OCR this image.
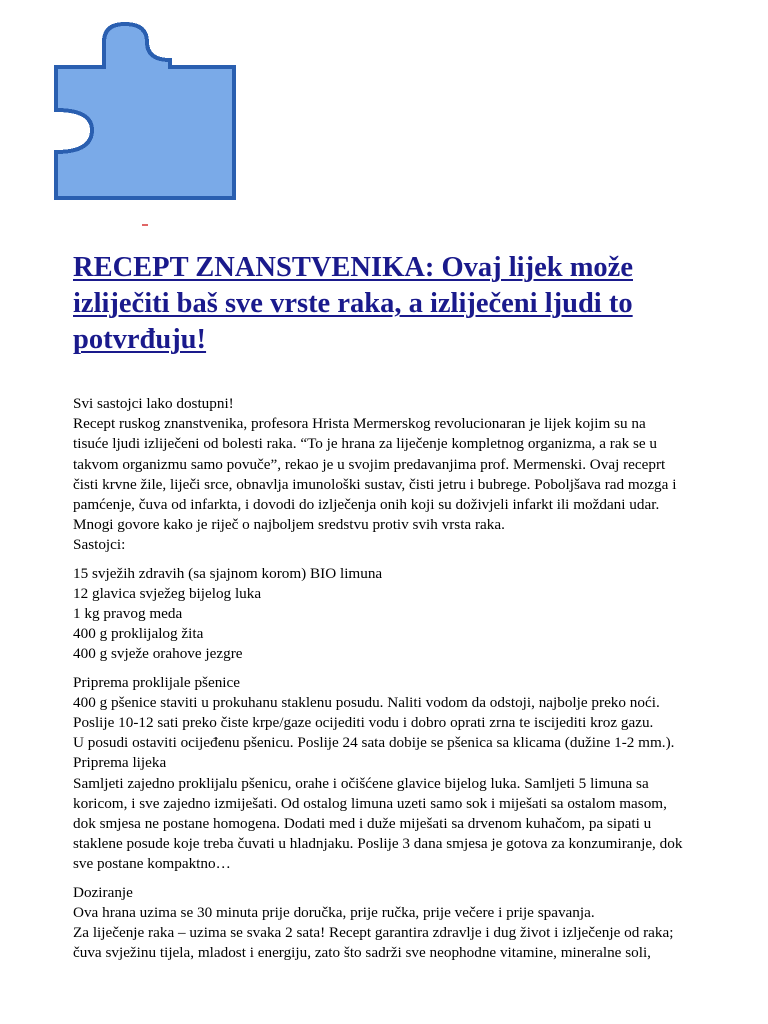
RECEPT ZNANSTVENIKA: Ovaj lijek može izliječiti baš sve vrste raka, a izliječeni ljudi to potvrđuju!
Svi sastojci lako dostupni!
Recept ruskog znanstvenika, profesora Hrista Mermerskog revolucionaran je lijek kojim su na
tisuće ljudi izliječeni od bolesti raka. “To je hrana za liječenje kompletnog organizma, a rak se u
takvom organizmu samo povuče”, rekao je u svojim predavanjima prof. Mermenski. Ovaj receprt
čisti krvne žile, liječi srce, obnavlja imunološki sustav, čisti jetru i bubrege. Poboljšava rad mozga i
pamćenje, čuva od infarkta, i dovodi do izlječenja onih koji su doživjeli infarkt ili moždani udar.
Mnogi govore kako je riječ o najboljem sredstvu protiv svih vrsta raka.
Sastojci:
15 svježih zdravih (sa sjajnom korom) BIO limuna
12 glavica svježeg bijelog luka
1 kg pravog meda
400 g proklijalog žita
400 g svježe orahove jezgre
Priprema proklijale pšenice
400 g pšenice staviti u prokuhanu staklenu posudu. Naliti vodom da odstoji, najbolje preko noći.
Poslije 10-12 sati preko čiste krpe/gaze ocijediti vodu i dobro oprati zrna te iscijediti kroz gazu.
U posudi ostaviti ocijeđenu pšenicu. Poslije 24 sata dobije se pšenica sa klicama (dužine 1-2 mm.).
Priprema lijeka
Samljeti zajedno proklijalu pšenicu, orahe i očišćene glavice bijelog luka. Samljeti 5 limuna sa
koricom, i sve zajedno izmiješati. Od ostalog limuna uzeti samo sok i miješati sa ostalom masom,
dok smjesa ne postane homogena. Dodati med i duže miješati sa drvenom kuhačom, pa sipati u
staklene posude koje treba čuvati u hladnjaku. Poslije 3 dana smjesa je gotova za konzumiranje, dok
sve postane kompaktno…
Doziranje
Ova hrana uzima se 30 minuta prije doručka, prije ručka, prije večere i prije spavanja.
Za liječenje raka – uzima se svaka 2 sata! Recept garantira zdravlje i dug život i izlječenje od raka;
čuva svježinu tijela, mladost i energiju, zato što sadrži sve neophodne vitamine, mineralne soli,
